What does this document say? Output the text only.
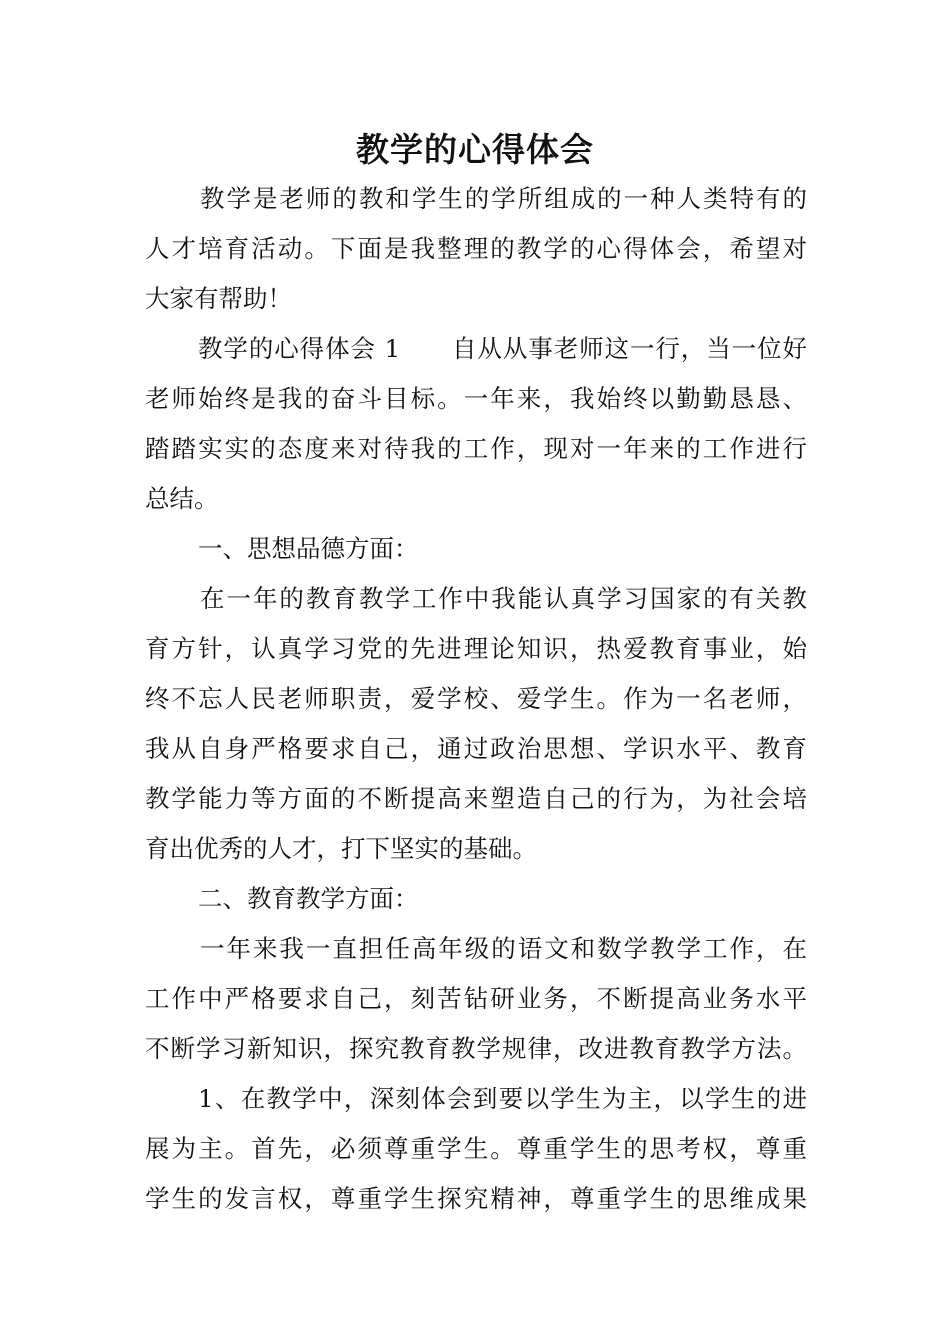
教学的心得体会
教学是老师的教和学生的学所组成的一种人类特有的
人才培育活动。下面是我整理的教学的心得体会，希望对
大家有帮助！
教学的心得体会 1　　自从从事老师这一行，当一位好
老师始终是我的奋斗目标。一年来，我始终以勤勤恳恳、
踏踏实实的态度来对待我的工作，现对一年来的工作进行
总结。
一、思想品德方面：
在一年的教育教学工作中我能认真学习国家的有关教
育方针，认真学习党的先进理论知识，热爱教育事业，始
终不忘人民老师职责，爱学校、爱学生。作为一名老师，
我从自身严格要求自己，通过政治思想、学识水平、教育
教学能力等方面的不断提高来塑造自己的行为，为社会培
育出优秀的人才，打下坚实的基础。
二、教育教学方面：
一年来我一直担任高年级的语文和数学教学工作，在
工作中严格要求自己，刻苦钻研业务，不断提高业务水平
不断学习新知识，探究教育教学规律，改进教育教学方法。
1、在教学中，深刻体会到要以学生为主，以学生的进
展为主。首先，必须尊重学生。尊重学生的思考权，尊重
学生的发言权，尊重学生探究精神，尊重学生的思维成果
